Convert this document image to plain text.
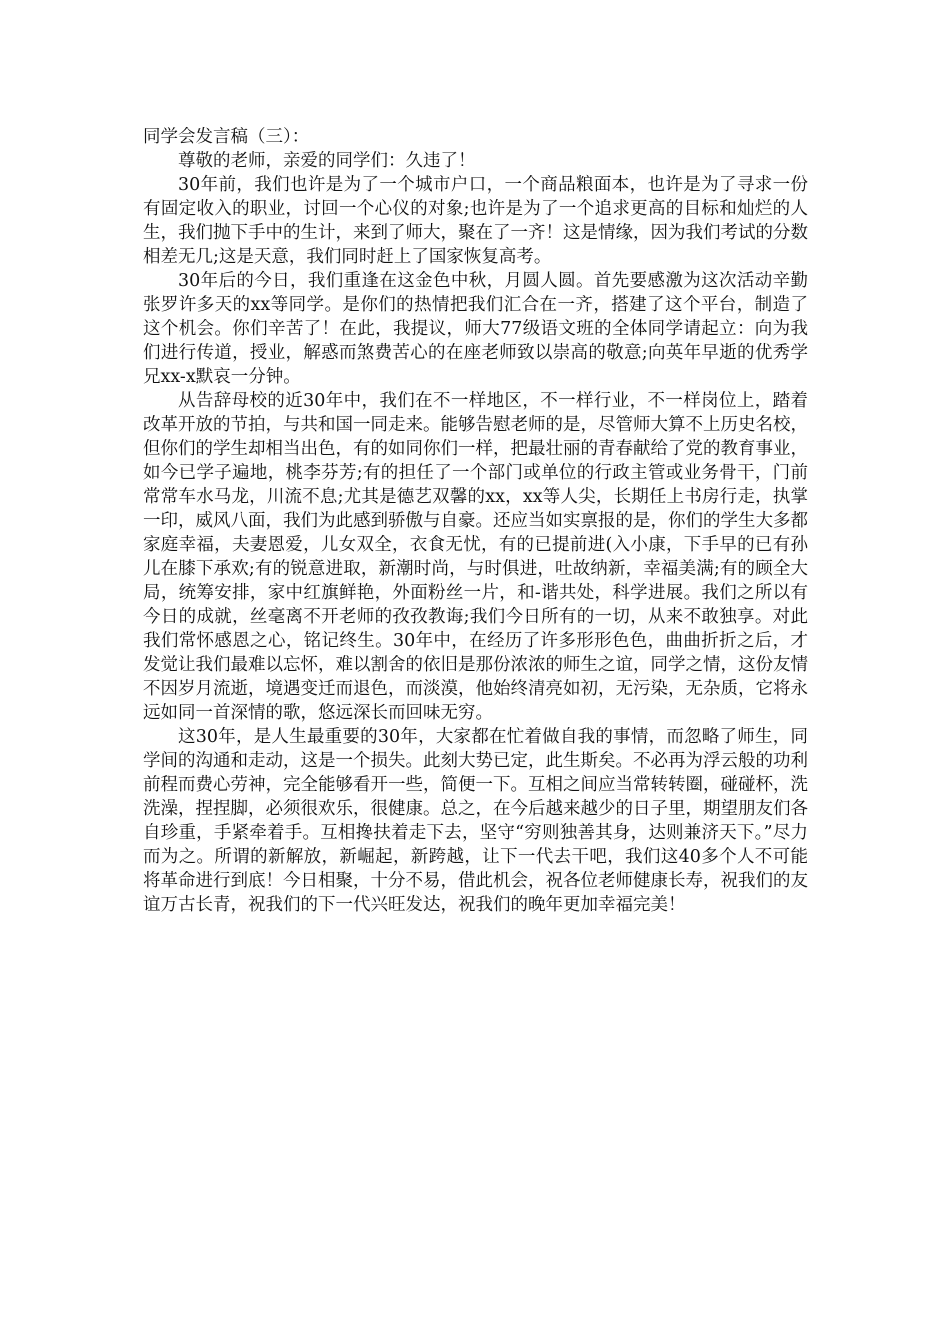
同学会发言稿（三）：

尊敬的老师，亲爱的同学们：久违了！

30年前，我们也许是为了一个城市户口，一个商品粮面本，也许是为了寻求一份有固定收入的职业，讨回一个心仪的对象;也许是为了一个追求更高的目标和灿烂的人生，我们抛下手中的生计，来到了师大，聚在了一齐！这是情缘，因为我们考试的分数相差无几;这是天意，我们同时赶上了国家恢复高考。

30年后的今日，我们重逢在这金色中秋，月圆人圆。首先要感激为这次活动辛勤张罗许多天的xx等同学。是你们的热情把我们汇合在一齐，搭建了这个平台，制造了这个机会。你们辛苦了！在此，我提议，师大77级语文班的全体同学请起立：向为我们进行传道，授业，解惑而煞费苦心的在座老师致以崇高的敬意;向英年早逝的优秀学兄xx-x默哀一分钟。

从告辞母校的近30年中，我们在不一样地区，不一样行业，不一样岗位上，踏着改革开放的节拍，与共和国一同走来。能够告慰老师的是，尽管师大算不上历史名校，但你们的学生却相当出色，有的如同你们一样，把最壮丽的青春献给了党的教育事业，如今已学子遍地，桃李芬芳;有的担任了一个部门或单位的行政主管或业务骨干，门前常常车水马龙，川流不息;尤其是德艺双馨的xx，xx等人尖，长期任上书房行走，执掌一印，威风八面，我们为此感到骄傲与自豪。还应当如实禀报的是，你们的学生大多都家庭幸福，夫妻恩爱，儿女双全，衣食无忧，有的已提前进(入小康，下手早的已有孙儿在膝下承欢;有的锐意进取，新潮时尚，与时俱进，吐故纳新，幸福美满;有的顾全大局，统筹安排，家中红旗鲜艳，外面粉丝一片，和-谐共处，科学进展。我们之所以有今日的成就，丝毫离不开老师的孜孜教诲;我们今日所有的一切，从来不敢独享。对此我们常怀感恩之心，铭记终生。30年中，在经历了许多形形色色，曲曲折折之后，才发觉让我们最难以忘怀，难以割舍的依旧是那份浓浓的师生之谊，同学之情，这份友情不因岁月流逝，境遇变迁而退色，而淡漠，他始终清亮如初，无污染，无杂质，它将永远如同一首深情的歌，悠远深长而回味无穷。

这30年，是人生最重要的30年，大家都在忙着做自我的事情，而忽略了师生，同学间的沟通和走动，这是一个损失。此刻大势已定，此生斯矣。不必再为浮云般的功利前程而费心劳神，完全能够看开一些，简便一下。互相之间应当常转转圈，碰碰杯，洗洗澡，捏捏脚，必须很欢乐，很健康。总之，在今后越来越少的日子里，期望朋友们各自珍重，手紧牵着手。互相搀扶着走下去，坚守“穷则独善其身，达则兼济天下。”尽力而为之。所谓的新解放，新崛起，新跨越，让下一代去干吧，我们这40多个人不可能将革命进行到底！今日相聚，十分不易，借此机会，祝各位老师健康长寿，祝我们的友谊万古长青，祝我们的下一代兴旺发达，祝我们的晚年更加幸福完美！
